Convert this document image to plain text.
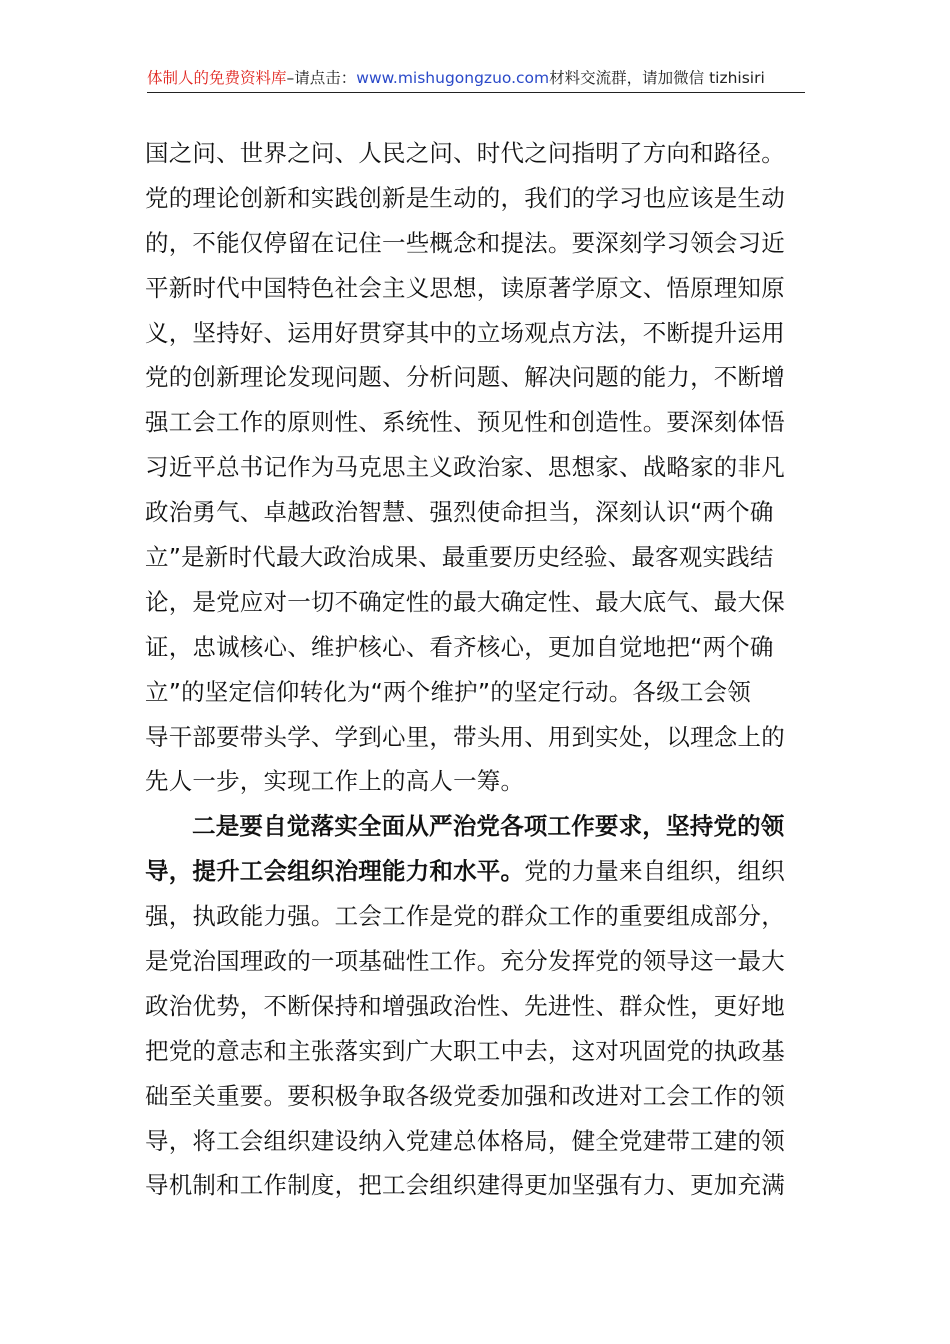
体制人的免费资料库–请点击：www.mishugongzuo.com材料交流群，请加微信 tizhisiri
国之问、世界之问、人民之问、时代之问指明了方向和路径。
党的理论创新和实践创新是生动的，我们的学习也应该是生动
的，不能仅停留在记住一些概念和提法。要深刻学习领会习近
平新时代中国特色社会主义思想，读原著学原文、悟原理知原
义，坚持好、运用好贯穿其中的立场观点方法，不断提升运用
党的创新理论发现问题、分析问题、解决问题的能力，不断增
强工会工作的原则性、系统性、预见性和创造性。要深刻体悟
习近平总书记作为马克思主义政治家、思想家、战略家的非凡
政治勇气、卓越政治智慧、强烈使命担当，深刻认识“两个确
立”是新时代最大政治成果、最重要历史经验、最客观实践结
论，是党应对一切不确定性的最大确定性、最大底气、最大保
证，忠诚核心、维护核心、看齐核心，更加自觉地把“两个确
立”的坚定信仰转化为“两个维护”的坚定行动。各级工会领
导干部要带头学、学到心里，带头用、用到实处，以理念上的
先人一步，实现工作上的高人一筹。
二是要自觉落实全面从严治党各项工作要求，坚持党的领
导，提升工会组织治理能力和水平。党的力量来自组织，组织
强，执政能力强。工会工作是党的群众工作的重要组成部分，
是党治国理政的一项基础性工作。充分发挥党的领导这一最大
政治优势，不断保持和增强政治性、先进性、群众性，更好地
把党的意志和主张落实到广大职工中去，这对巩固党的执政基
础至关重要。要积极争取各级党委加强和改进对工会工作的领
导，将工会组织建设纳入党建总体格局，健全党建带工建的领
导机制和工作制度，把工会组织建得更加坚强有力、更加充满
